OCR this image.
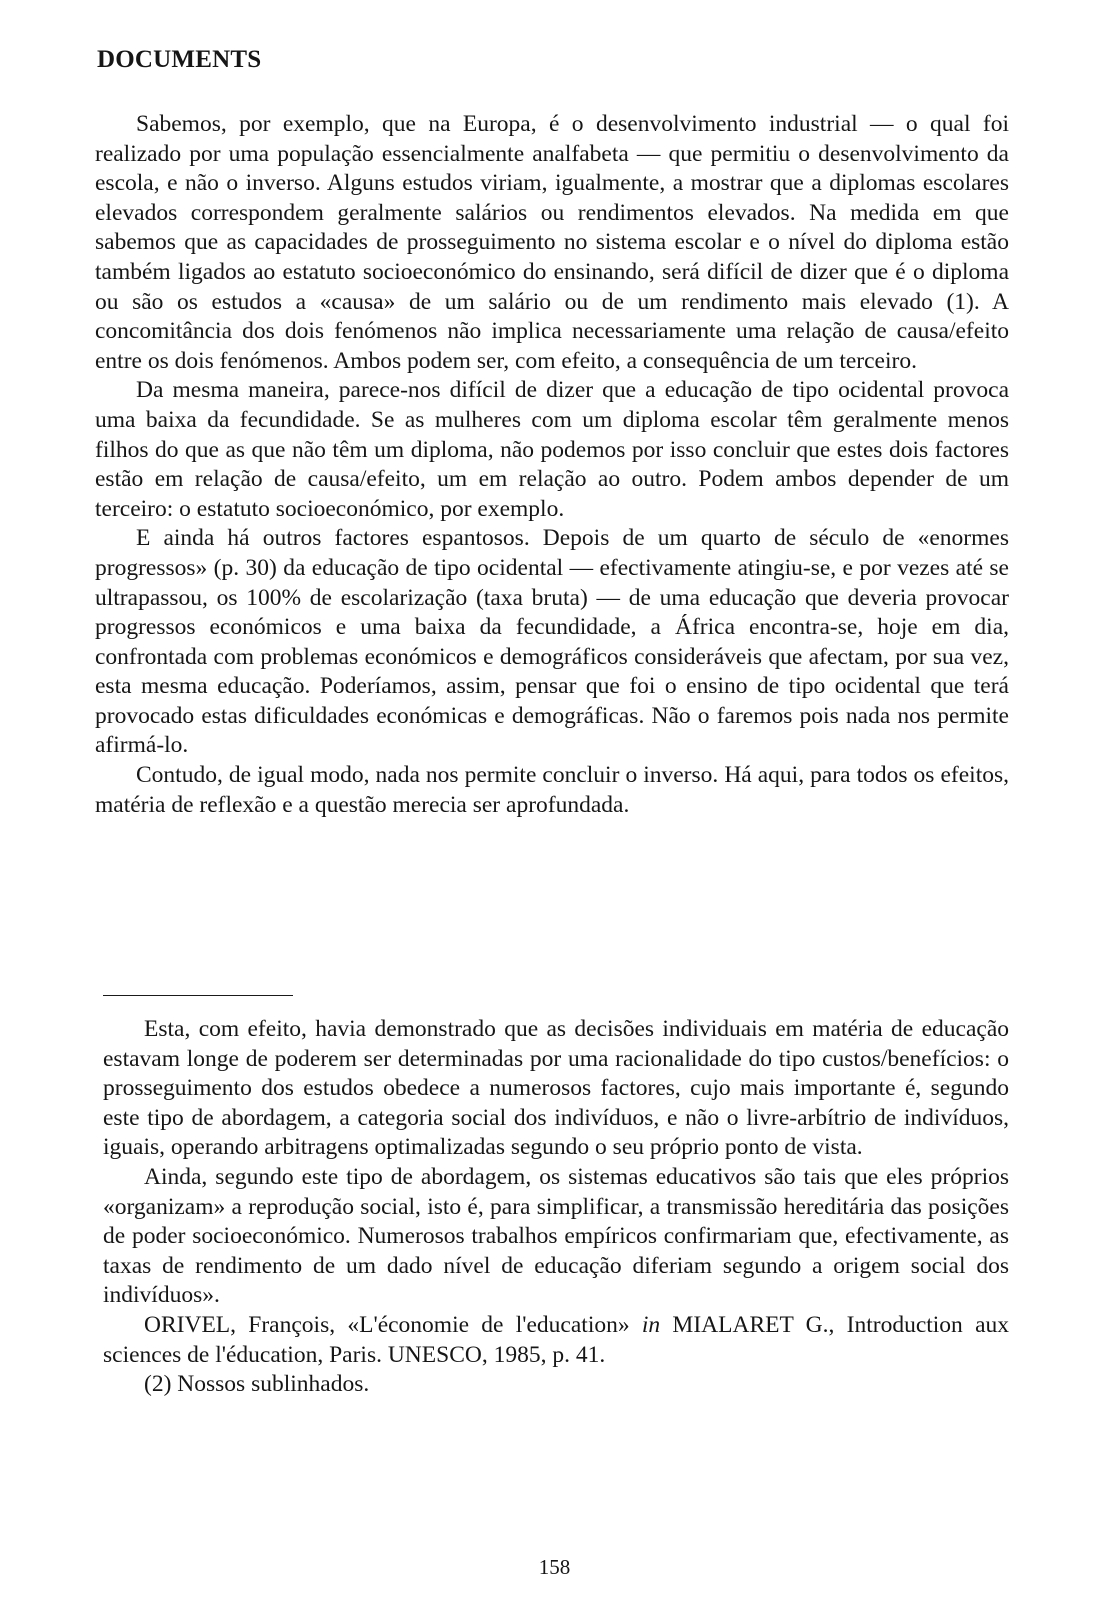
DOCUMENTS

Sabemos, por exemplo, que na Europa, é o desenvolvimento industrial — o qual foi realizado por uma população essencialmente analfabeta — que permitiu o desenvolvimento da escola, e não o inverso. Alguns estudos viriam, igualmente, a mostrar que a diplomas escolares elevados correspondem geralmente salários ou rendimentos elevados. Na medida em que sabemos que as capacidades de prosseguimento no sistema escolar e o nível do diploma estão também ligados ao estatuto socioeconómico do ensinando, será difícil de dizer que é o diploma ou são os estudos a «causa» de um salário ou de um rendimento mais elevado (1). A concomitância dos dois fenómenos não implica necessariamente uma relação de causa/efeito entre os dois fenómenos. Ambos podem ser, com efeito, a consequência de um terceiro.

Da mesma maneira, parece-nos difícil de dizer que a educação de tipo ocidental provoca uma baixa da fecundidade. Se as mulheres com um diploma escolar têm geralmente menos filhos do que as que não têm um diploma, não podemos por isso concluir que estes dois factores estão em relação de causa/efeito, um em relação ao outro. Podem ambos depender de um terceiro: o estatuto socioeconómico, por exemplo.

E ainda há outros factores espantosos. Depois de um quarto de século de «enormes progressos» (p. 30) da educação de tipo ocidental — efectivamente atingiu-se, e por vezes até se ultrapassou, os 100% de escolarização (taxa bruta) — de uma educação que deveria provocar progressos económicos e uma baixa da fecundidade, a África encontra-se, hoje em dia, confrontada com problemas económicos e demográficos consideráveis que afectam, por sua vez, esta mesma educação. Poderíamos, assim, pensar que foi o ensino de tipo ocidental que terá provocado estas dificuldades económicas e demográficas. Não o faremos pois nada nos permite afirmá-lo.

Contudo, de igual modo, nada nos permite concluir o inverso. Há aqui, para todos os efeitos, matéria de reflexão e a questão merecia ser aprofundada.

Esta, com efeito, havia demonstrado que as decisões individuais em matéria de educação estavam longe de poderem ser determinadas por uma racionalidade do tipo custos/benefícios: o prosseguimento dos estudos obedece a numerosos factores, cujo mais importante é, segundo este tipo de abordagem, a categoria social dos indivíduos, e não o livre-arbítrio de indivíduos, iguais, operando arbitragens optimalizadas segundo o seu próprio ponto de vista.

Ainda, segundo este tipo de abordagem, os sistemas educativos são tais que eles próprios «organizam» a reprodução social, isto é, para simplificar, a transmissão hereditária das posições de poder socioeconómico. Numerosos trabalhos empíricos confirmariam que, efectivamente, as taxas de rendimento de um dado nível de educação diferiam segundo a origem social dos indivíduos».

ORIVEL, François, «L'économie de l'education» in MIALARET G., Introduction aux sciences de l'éducation, Paris. UNESCO, 1985, p. 41.

(2) Nossos sublinhados.

158
